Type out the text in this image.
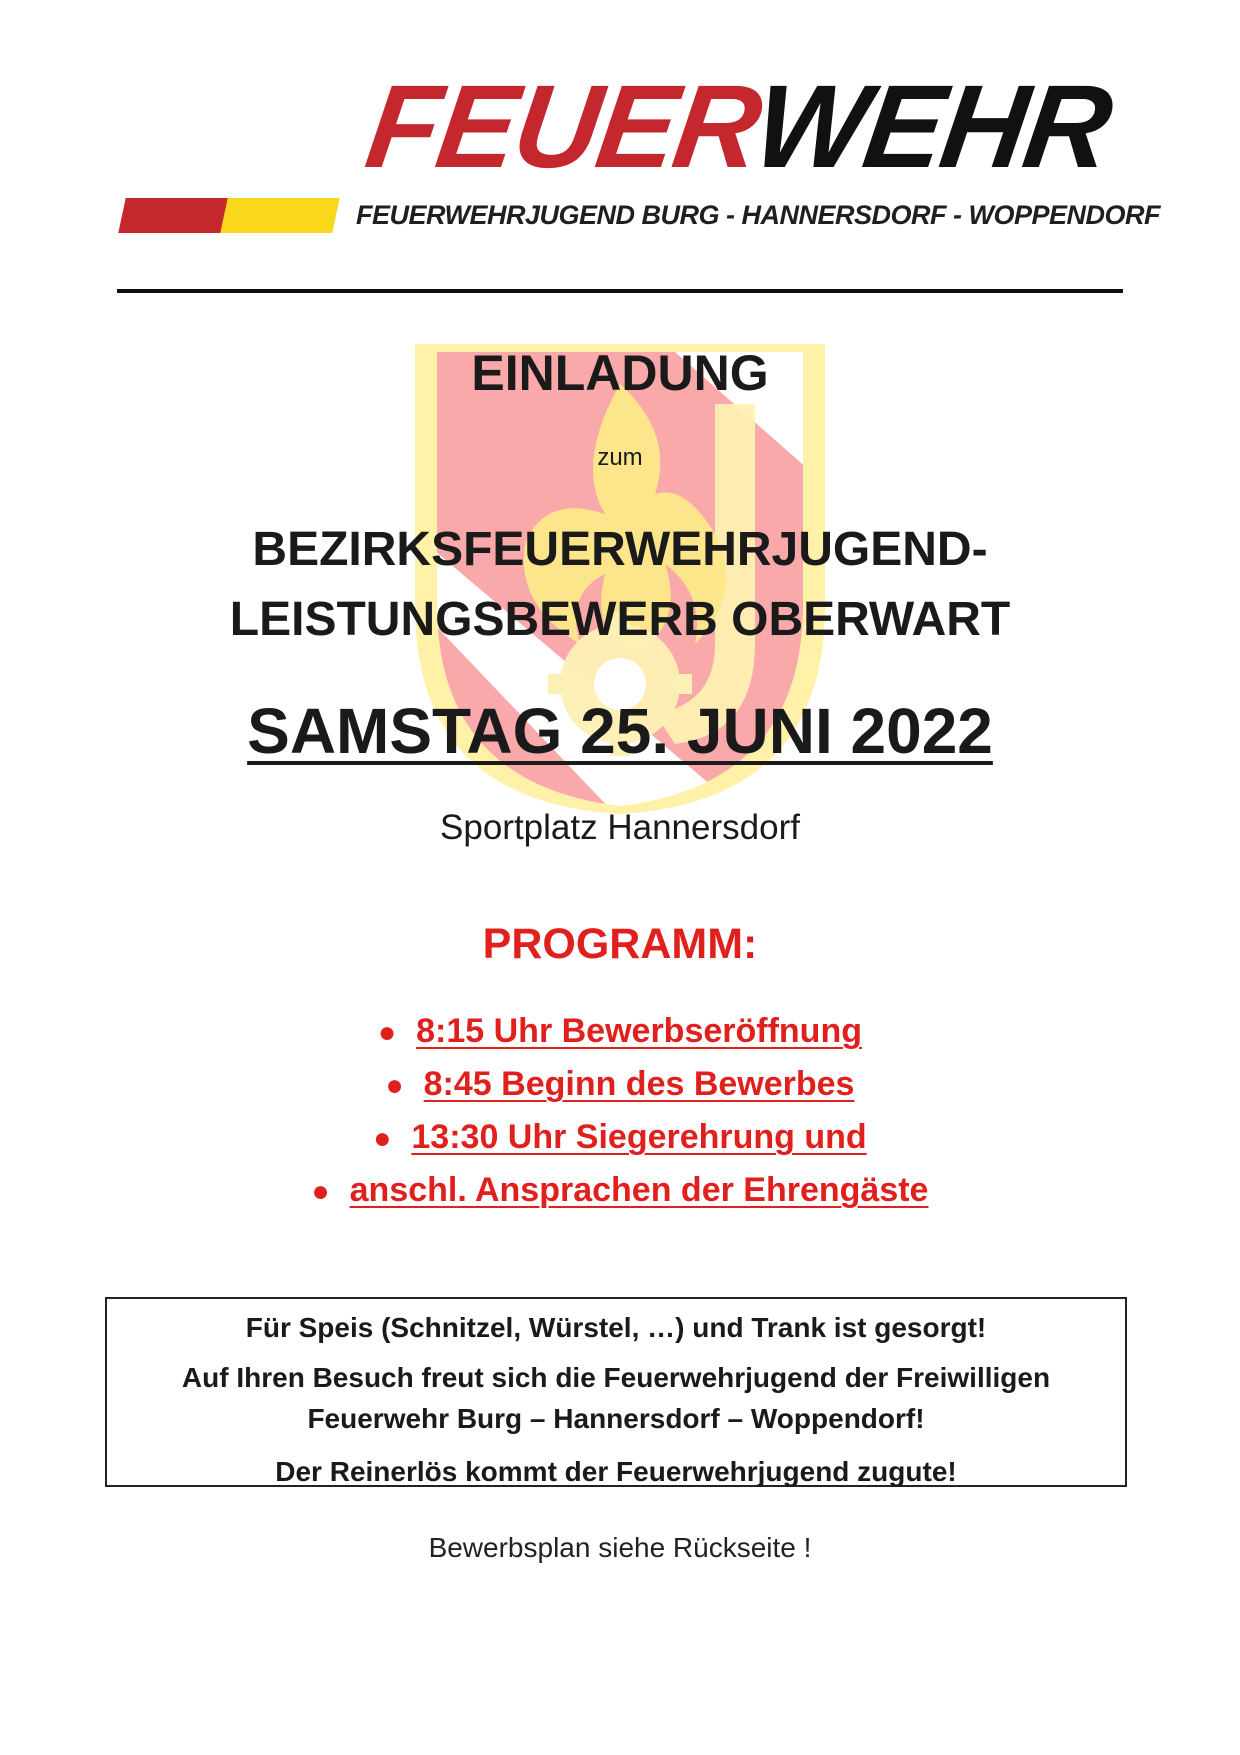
FEUERWEHR
FEUERWEHRJUGEND BURG - HANNERSDORF - WOPPENDORF
EINLADUNG
zum
BEZIRKSFEUERWEHRJUGEND-
LEISTUNGSBEWERB OBERWART
SAMSTAG 25. JUNI 2022
Sportplatz Hannersdorf
PROGRAMM:
● 8:15 Uhr Bewerbseröffnung
● 8:45 Beginn des Bewerbes
● 13:30 Uhr Siegerehrung und
● anschl. Ansprachen der Ehrengäste

Für Speis (Schnitzel, Würstel, …) und Trank ist gesorgt!

Auf Ihren Besuch freut sich die Feuerwehrjugend der Freiwilligen

Feuerwehr Burg – Hannersdorf – Woppendorf!

Der Reinerlös kommt der Feuerwehrjugend zugute!

Bewerbsplan siehe Rückseite !
